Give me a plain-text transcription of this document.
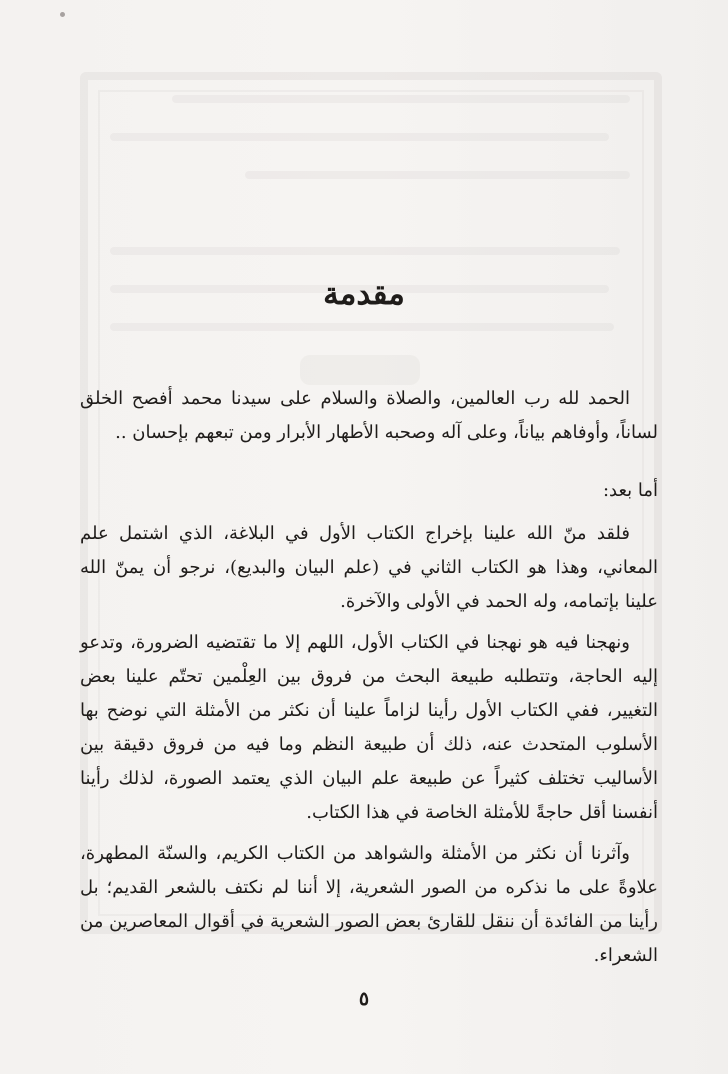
مقدمة
الحمد لله رب العالمين، والصلاة والسلام على سيدنا محمد أفصح الخلق لساناً، وأوفاهم بياناً، وعلى آله وصحبه الأطهار الأبرار ومن تبعهم بإحسان ..
أما بعد:
فلقد منّ الله علينا بإخراج الكتاب الأول في البلاغة، الذي اشتمل علم المعاني، وهذا هو الكتاب الثاني في (علم البيان والبديع)، نرجو أن يمنّ الله علينا بإتمامه، وله الحمد في الأولى والآخرة.
ونهجنا فيه هو نهجنا في الكتاب الأول، اللهم إلا ما تقتضيه الضرورة، وتدعو إليه الحاجة، وتتطلبه طبيعة البحث من فروق بين العِلْمين تحتّم علينا بعض التغيير، ففي الكتاب الأول رأينا لزاماً علينا أن نكثر من الأمثلة التي نوضح بها الأسلوب المتحدث عنه، ذلك أن طبيعة النظم وما فيه من فروق دقيقة بين الأساليب تختلف كثيراً عن طبيعة علم البيان الذي يعتمد الصورة، لذلك رأينا أنفسنا أقل حاجةً للأمثلة الخاصة في هذا الكتاب.
وآثرنا أن نكثر من الأمثلة والشواهد من الكتاب الكريم، والسنّة المطهرة، علاوةً على ما نذكره من الصور الشعرية، إلا أننا لم نكتف بالشعر القديم؛ بل رأينا من الفائدة أن ننقل للقارئ بعض الصور الشعرية في أقوال المعاصرين من الشعراء.
٥
